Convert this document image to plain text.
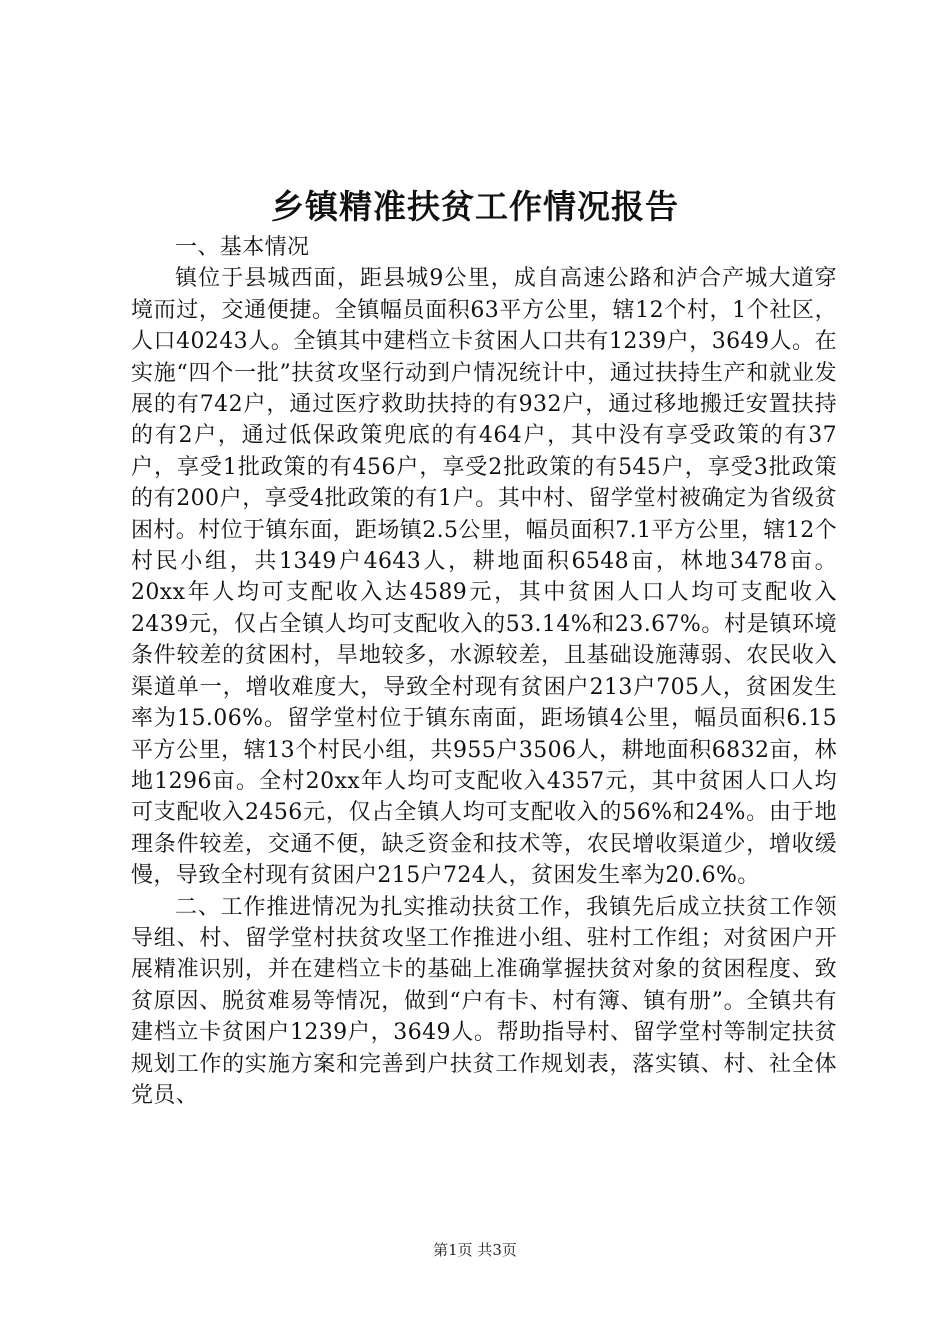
乡镇精准扶贫工作情况报告
一、基本情况

镇位于县城西面，距县城9公里，成自高速公路和泸合产城大道穿境而过，交通便捷。全镇幅员面积63平方公里，辖12个村，1个社区，人口40243人。全镇其中建档立卡贫困人口共有1239户，3649人。在实施“四个一批”扶贫攻坚行动到户情况统计中，通过扶持生产和就业发展的有742户，通过医疗救助扶持的有932户，通过移地搬迁安置扶持的有2户，通过低保政策兜底的有464户，其中没有享受政策的有37户，享受1批政策的有456户，享受2批政策的有545户，享受3批政策的有200户，享受4批政策的有1户。其中村、留学堂村被确定为省级贫困村。村位于镇东面，距场镇2.5公里，幅员面积7.1平方公里，辖12个村民小组，共1349户4643人，耕地面积6548亩，林地3478亩。20xx年人均可支配收入达4589元，其中贫困人口人均可支配收入2439元，仅占全镇人均可支配收入的53.14%和23.67%。村是镇环境条件较差的贫困村，旱地较多，水源较差，且基础设施薄弱、农民收入渠道单一，增收难度大，导致全村现有贫困户213户705人，贫困发生率为15.06%。留学堂村位于镇东南面，距场镇4公里，幅员面积6.15平方公里，辖13个村民小组，共955户3506人，耕地面积6832亩，林地1296亩。全村20xx年人均可支配收入4357元，其中贫困人口人均可支配收入2456元，仅占全镇人均可支配收入的56%和24%。由于地理条件较差，交通不便，缺乏资金和技术等，农民增收渠道少，增收缓慢，导致全村现有贫困户215户724人，贫困发生率为20.6%。

二、工作推进情况为扎实推动扶贫工作，我镇先后成立扶贫工作领导组、村、留学堂村扶贫攻坚工作推进小组、驻村工作组；对贫困户开展精准识别，并在建档立卡的基础上准确掌握扶贫对象的贫困程度、致贫原因、脱贫难易等情况，做到“户有卡、村有簿、镇有册”。全镇共有建档立卡贫困户1239户，3649人。帮助指导村、留学堂村等制定扶贫规划工作的实施方案和完善到户扶贫工作规划表，落实镇、村、社全体党员、

第1页 共3页
